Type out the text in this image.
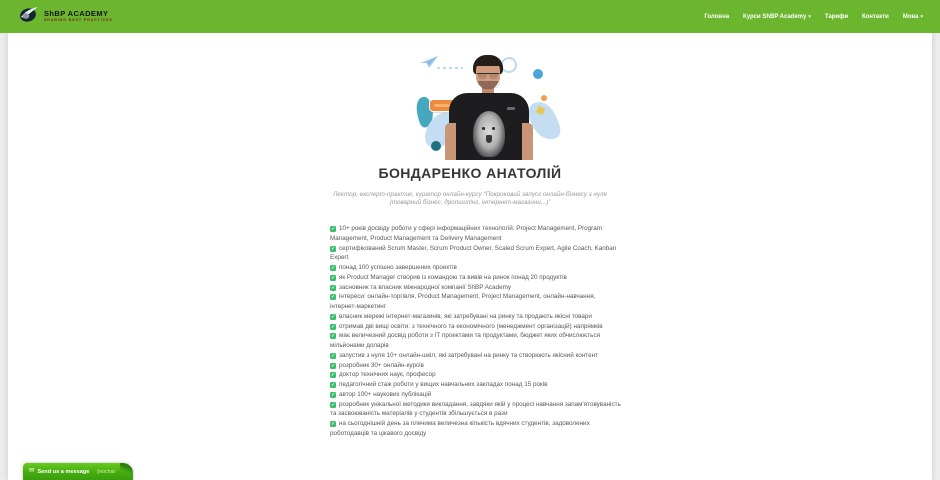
ShBP ACADEMY
SHARING BEST PRACTICES
Головна Курси ShBP Academy ▾ Тарифи Контакти Мова ▾
БОНДАРЕНКО АНАТОЛІЙ
Лектор, експерт-практик, куратор онлайн-курсу “Покроковий запуск онлайн-бізнесу з нуля (товарний бізнес, дропшипінг, інтернет-магазини...)”
✓ 10+ років досвіду роботи у сфері інформаційних технологій: Project Management, Program Management, Product Management та Delivery Management
✓ сертифікований Scrum Master, Scrum Product Owner, Scaled Scrum Expert, Agile Coach, Kanban Expert
✓ понад 100 успішно завершених проектів
✓ як Product Manager створив із командою та вивів на ринок понад 20 продуктів
✓ засновник та власник міжнародної компанії ShBP Academy
✓ інтереси: онлайн-торгівля, Product Management, Project Management, онлайн-навчання, інтернет-маркетинг
✓ власник мережі інтернет-магазинів, які затребувані на ринку та продають якісні товари
✓ отримав дві вищі освіти: з технічного та економічного (менеджмент організацій) напрямків
✓ має величезний досвід роботи з ІТ проектами та продуктами, бюджет яких обчислюється мільйонами доларів
✓ запустив з нуля 10+ онлайн-шкіл, які затребувані на ринку та створюють якісний контент
✓ розробник 30+ онлайн-курсів
✓ доктор технічних наук, професор
✓ педагогічний стаж роботи у вищих навчальних закладах понад 15 років
✓ автор 100+ наукових публікацій
✓ розробник унікальної методики викладання, завдяки якій у процесі навчання запам'ятовуваність та засвоюваність матеріалів у студентів збільшується в рази
✓ на сьогоднішній день за плечима величезна кількість вдячних студентів, задоволених роботодавців та цікавого досвіду
✉ Send us a message jivochat
